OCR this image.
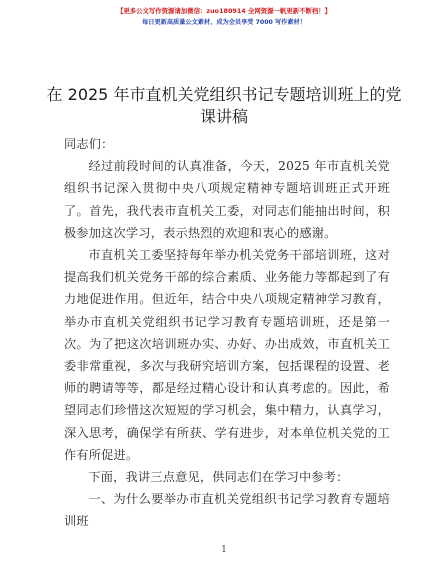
【更多公文写作资源请加微信：zuo180914 全网资源一帆更新不断档！】
每日更新高质量公文素材，成为会员享受 7000 写作素材！
在 2025 年市直机关党组织书记专题培训班上的党课讲稿

同志们：

经过前段时间的认真准备，今天，2025 年市直机关党组织书记深入贯彻中央八项规定精神专题培训班正式开班了。首先，我代表市直机关工委，对同志们能抽出时间，积极参加这次学习，表示热烈的欢迎和衷心的感谢。

市直机关工委坚持每年举办机关党务干部培训班，这对提高我们机关党务干部的综合素质、业务能力等都起到了有力地促进作用。但近年，结合中央八项规定精神学习教育，举办市直机关党组织书记学习教育专题培训班，还是第一次。为了把这次培训班办实、办好、办出成效，市直机关工委非常重视，多次与我研究培训方案，包括课程的设置、老师的聘请等等，都是经过精心设计和认真考虑的。因此，希望同志们珍惜这次短短的学习机会，集中精力，认真学习，深入思考，确保学有所获、学有进步，对本单位机关党的工作有所促进。

下面，我讲三点意见，供同志们在学习中参考：

一、为什么要举办市直机关党组织书记学习教育专题培训班

1
